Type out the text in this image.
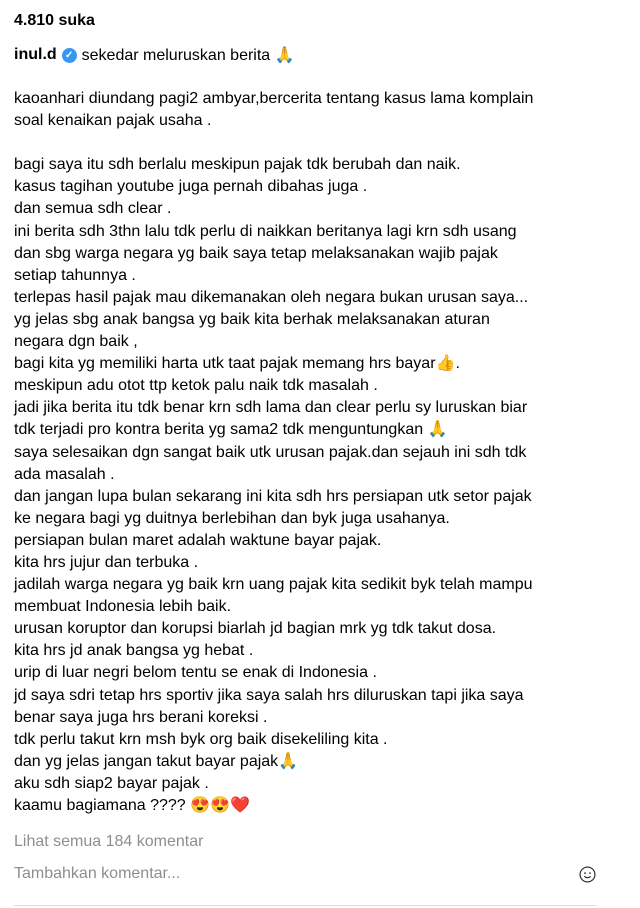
4.810 suka
inul.d ✓ sekedar meluruskan berita 🙏
kaoanhari diundang pagi2 ambyar,bercerita tentang kasus lama komplain
soal kenaikan pajak usaha .
bagi saya itu sdh berlalu meskipun pajak tdk berubah dan naik.
kasus tagihan youtube juga pernah dibahas juga .
dan semua sdh clear .
ini berita sdh 3thn lalu tdk perlu di naikkan beritanya lagi krn sdh usang
dan sbg warga negara yg baik saya tetap melaksanakan wajib pajak
setiap tahunnya .
terlepas hasil pajak mau dikemanakan oleh negara bukan urusan saya...
yg jelas sbg anak bangsa yg baik kita berhak melaksanakan aturan
negara dgn baik ,
bagi kita yg memiliki harta utk taat pajak memang hrs bayar👍.
meskipun adu otot ttp ketok palu naik tdk masalah .
jadi jika berita itu tdk benar krn sdh lama dan clear perlu sy luruskan biar
tdk terjadi pro kontra berita yg sama2 tdk menguntungkan 🙏
saya selesaikan dgn sangat baik utk urusan pajak.dan sejauh ini sdh tdk
ada masalah .
dan jangan lupa bulan sekarang ini kita sdh hrs persiapan utk setor pajak
ke negara bagi yg duitnya berlebihan dan byk juga usahanya.
persiapan bulan maret adalah waktune bayar pajak.
kita hrs jujur dan terbuka .
jadilah warga negara yg baik krn uang pajak kita sedikit byk telah mampu
membuat Indonesia lebih baik.
urusan koruptor dan korupsi biarlah jd bagian mrk yg tdk takut dosa.
kita hrs jd anak bangsa yg hebat .
urip di luar negri belom tentu se enak di Indonesia .
jd saya sdri tetap hrs sportiv jika saya salah hrs diluruskan tapi jika saya
benar saya juga hrs berani koreksi .
tdk perlu takut krn msh byk org baik disekeliling kita .
dan yg jelas jangan takut bayar pajak🙏
aku sdh siap2 bayar pajak .
kaamu bagiamana ???? 😍😍❤️
Lihat semua 184 komentar
Tambahkan komentar...
